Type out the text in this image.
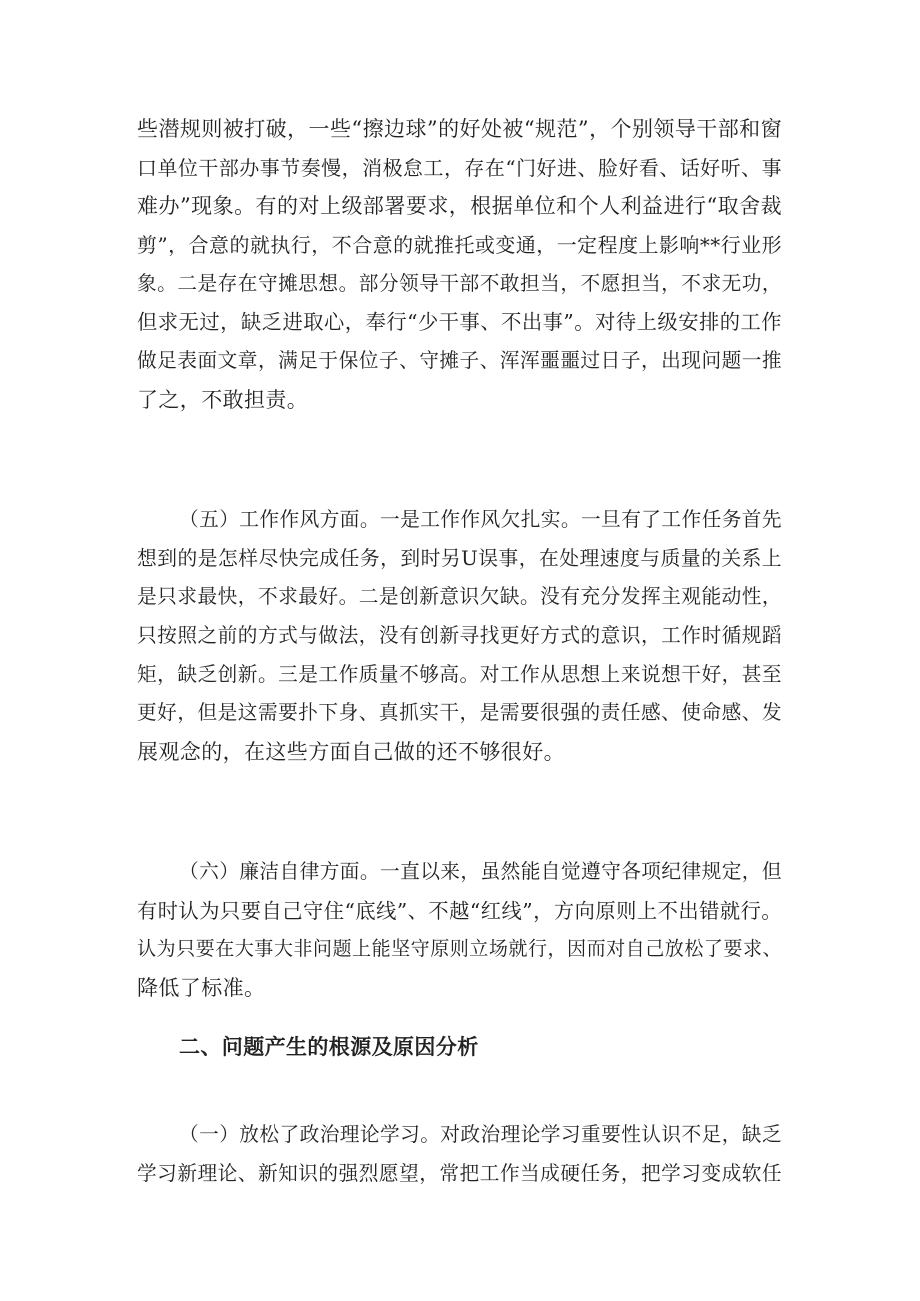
些潜规则被打破，一些“擦边球”的好处被“规范”，个别领导干部和窗
口单位干部办事节奏慢，消极怠工，存在“门好进、脸好看、话好听、事
难办”现象。有的对上级部署要求，根据单位和个人利益进行“取舍裁
剪”，合意的就执行，不合意的就推托或变通，一定程度上影响**行业形
象。二是存在守摊思想。部分领导干部不敢担当，不愿担当，不求无功，
但求无过，缺乏进取心，奉行“少干事、不出事”。对待上级安排的工作
做足表面文章，满足于保位子、守摊子、浑浑噩噩过日子，出现问题一推
了之，不敢担责。
（五）工作作风方面。一是工作作风欠扎实。一旦有了工作任务首先
想到的是怎样尽快完成任务，到时另U误事，在处理速度与质量的关系上
是只求最快，不求最好。二是创新意识欠缺。没有充分发挥主观能动性，
只按照之前的方式与做法，没有创新寻找更好方式的意识，工作时循规蹈
矩，缺乏创新。三是工作质量不够高。对工作从思想上来说想干好，甚至
更好，但是这需要扑下身、真抓实干，是需要很强的责任感、使命感、发
展观念的，在这些方面自己做的还不够很好。
（六）廉洁自律方面。一直以来，虽然能自觉遵守各项纪律规定，但
有时认为只要自己守住“底线”、不越“红线”，方向原则上不出错就行。
认为只要在大事大非问题上能坚守原则立场就行，因而对自己放松了要求、
降低了标准。
二、问题产生的根源及原因分析
（一）放松了政治理论学习。对政治理论学习重要性认识不足，缺乏
学习新理论、新知识的强烈愿望，常把工作当成硬任务，把学习变成软任
